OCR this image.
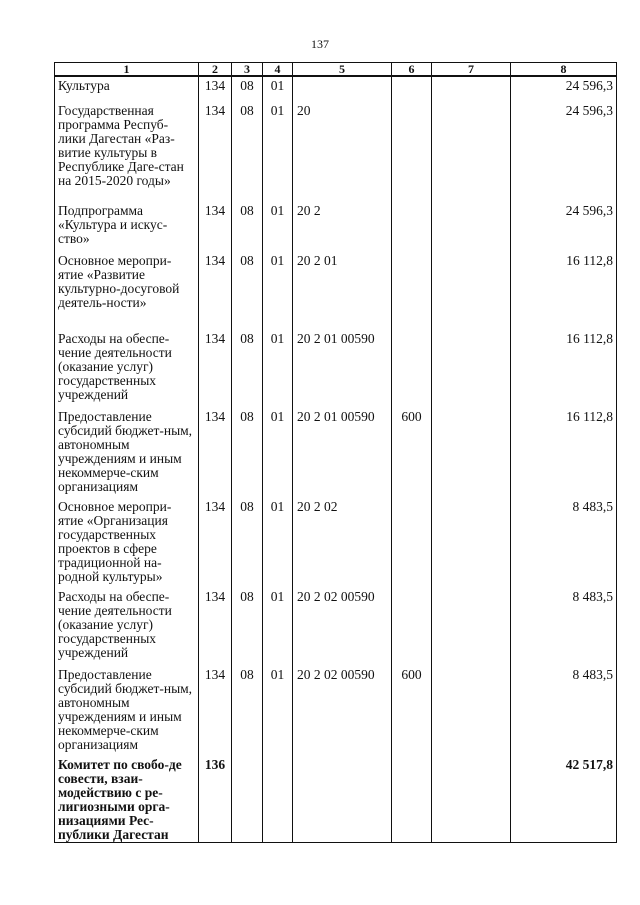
137
1	2	3	4	5	6	7	8
Культура	134	08	01				24 596,3
Государственная программа Респуб-лики Дагестан «Раз-витие культуры в Республике Даге-стан на 2015-2020 годы»	134	08	01	20			24 596,3
Подпрограмма «Культура и искус-ство»	134	08	01	20 2			24 596,3
Основное меропри-ятие «Развитие культурно-досуговой деятель-ности»	134	08	01	20 2 01			16 112,8
Расходы на обеспе-чение деятельности (оказание услуг) государственных учреждений	134	08	01	20 2 01 00590			16 112,8
Предоставление субсидий бюджет-ным, автономным учреждениям и иным некоммерче-ским организациям	134	08	01	20 2 01 00590	600		16 112,8
Основное меропри-ятие «Организация государственных проектов в сфере традиционной на-родной культуры»	134	08	01	20 2 02			8 483,5
Расходы на обеспе-чение деятельности (оказание услуг) государственных учреждений	134	08	01	20 2 02 00590			8 483,5
Предоставление субсидий бюджет-ным, автономным учреждениям и иным некоммерче-ским организациям	134	08	01	20 2 02 00590	600		8 483,5
Комитет по свобо-де совести, взаи-модействию с ре-лигиозными орга-низациями Рес-публики Дагестан	136						42 517,8
